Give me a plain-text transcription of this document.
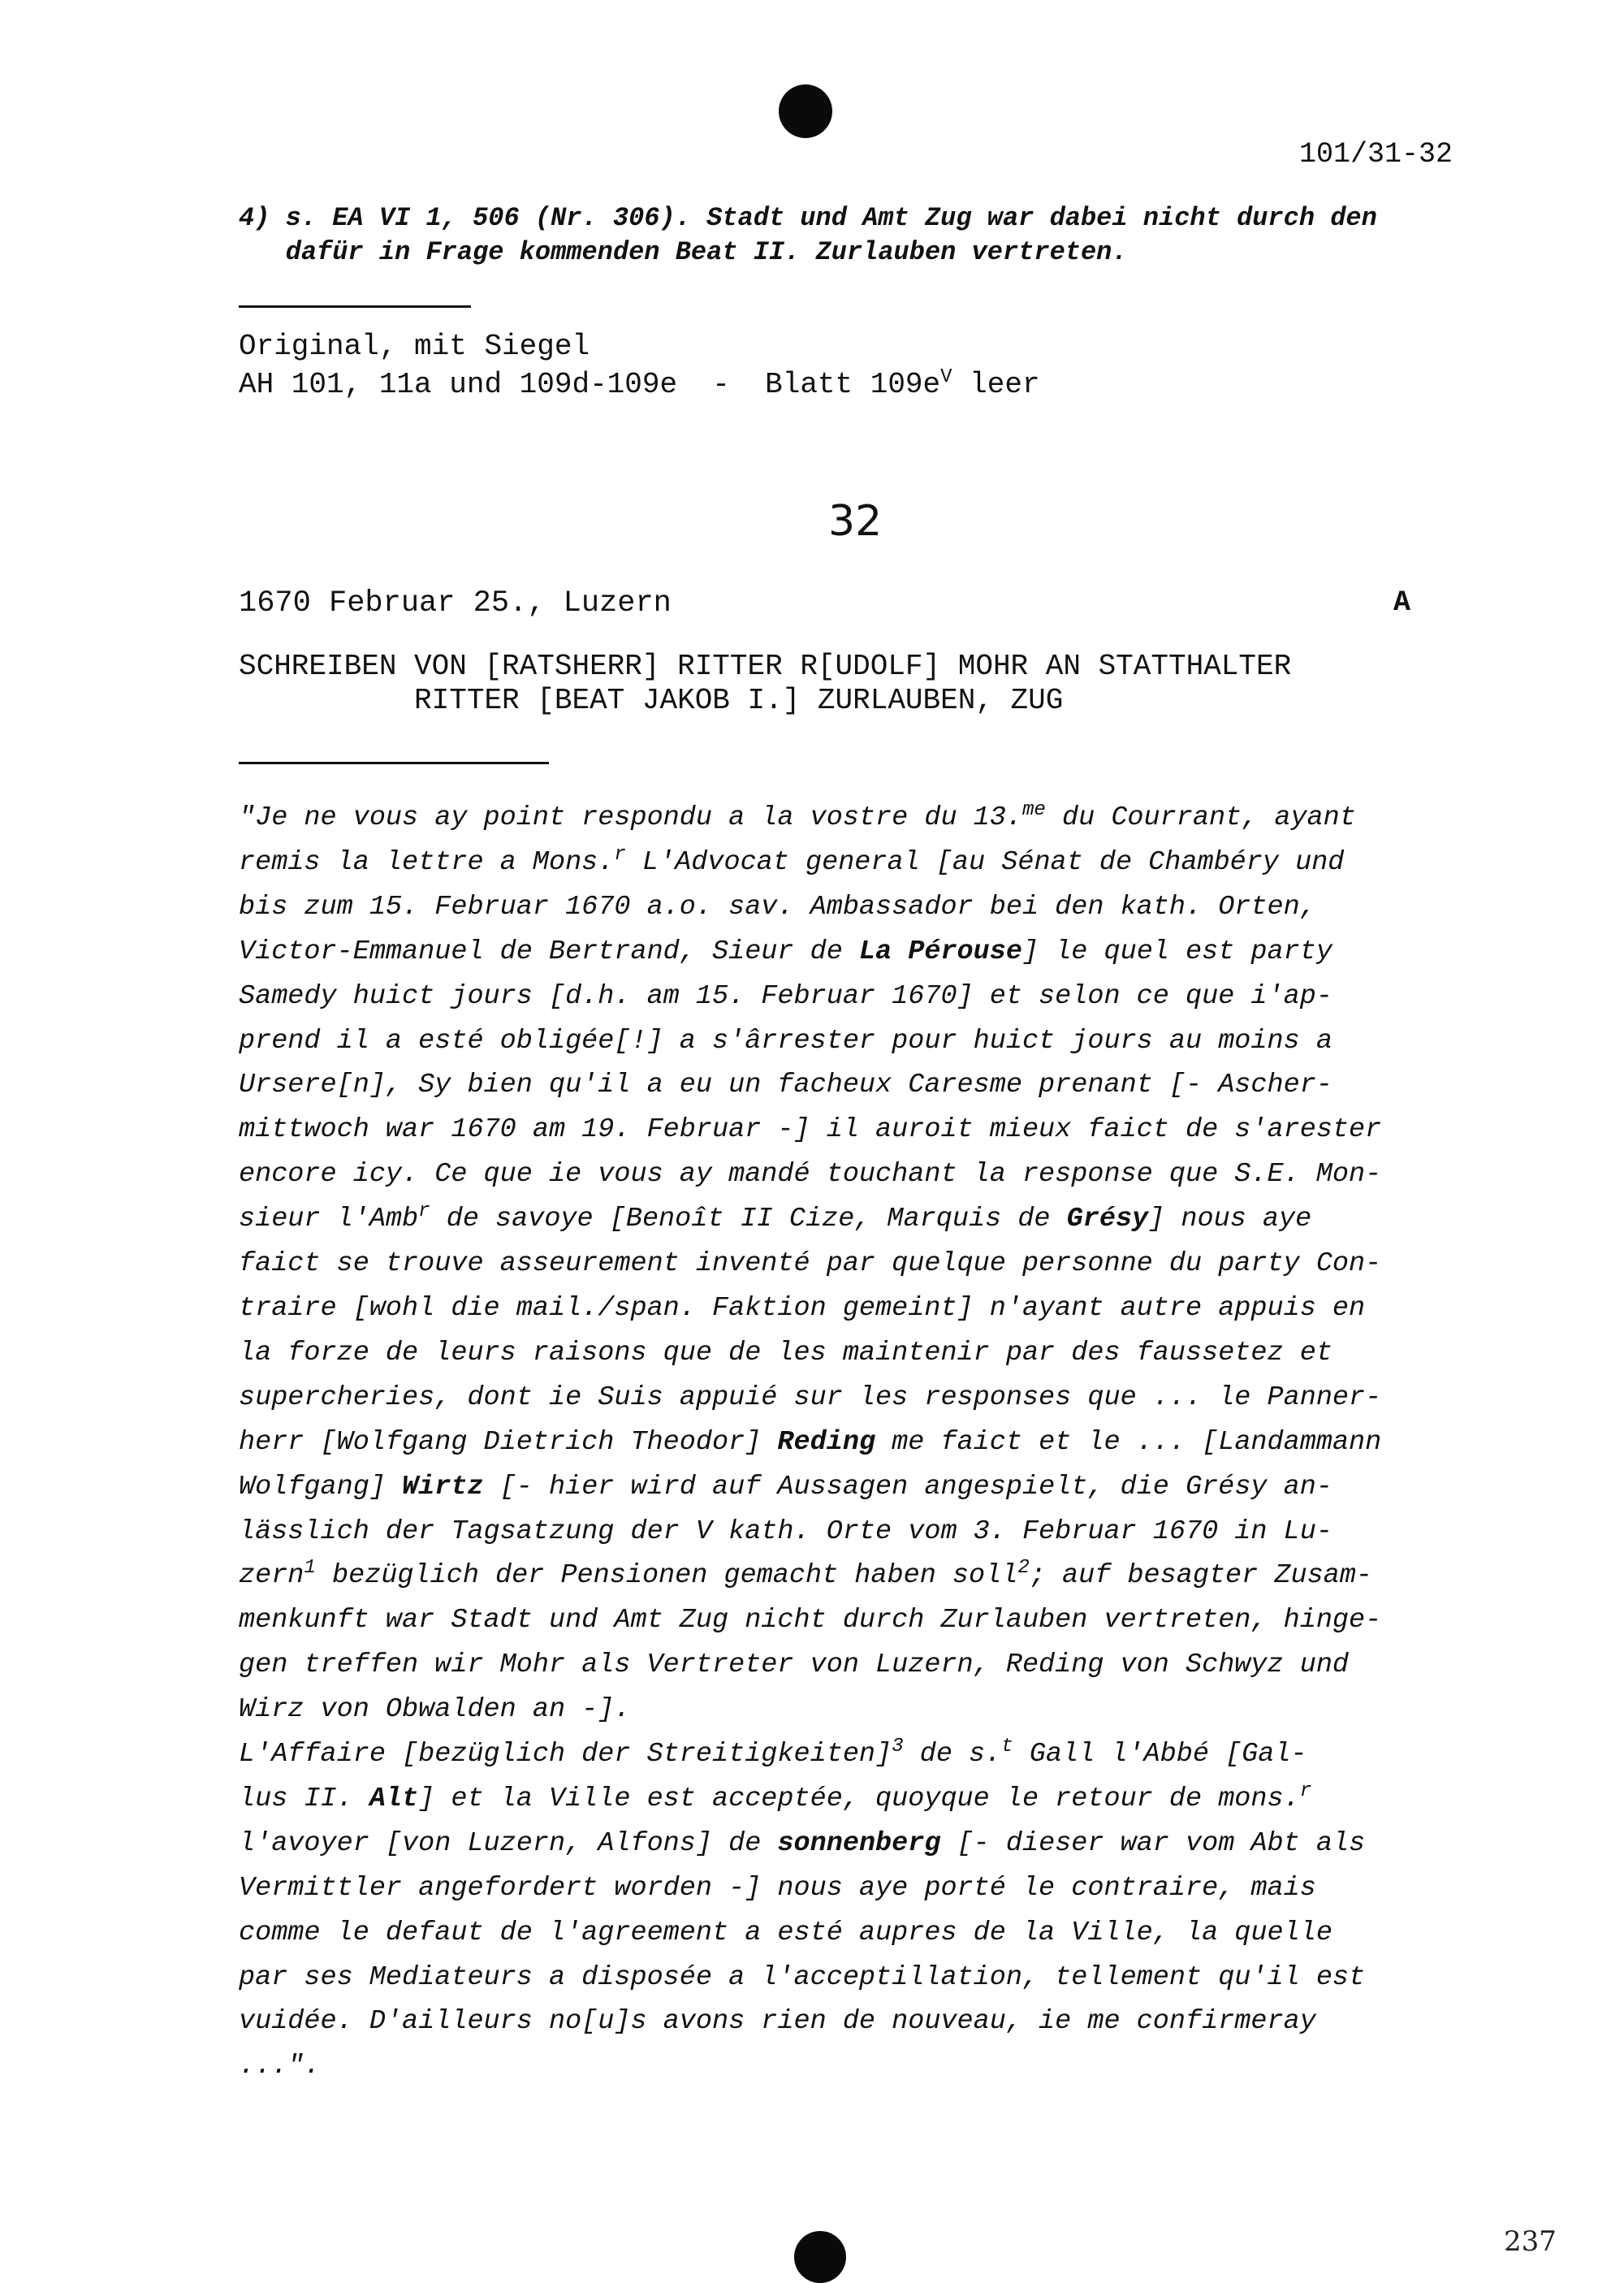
101/31-32
4) s. EA VI 1, 506 (Nr. 306). Stadt und Amt Zug war dabei nicht durch den
dafür in Frage kommenden Beat II. Zurlauben vertreten.
Original, mit Siegel
AH 101, 11a und 109d-109e  -  Blatt $109e^V$ leer
32
1670 Februar 25., Luzern	A
SCHREIBEN VON [RATSHERR] RITTER R[UDOLF] MOHR AN STATTHALTER
RITTER [BEAT JAKOB I.] ZURLAUBEN, ZUG
"Je ne vous ay point respondu a la vostre du 13.$^{me}$ du Courrant, ayant
remis la lettre a Mons.$^r$ L'Advocat general [au Sénat de Chambéry und
bis zum 15. Februar 1670 a.o. sav. Ambassador bei den kath. Orten,
Victor-Emmanuel de Bertrand, Sieur de La Pérouse] le quel est party
Samedy huict jours [d.h. am 15. Februar 1670] et selon ce que i'ap-
prend il a esté obligée[!] a s'ârrester pour huict jours au moins a
Ursere[n], Sy bien qu'il a eu un facheux Caresme prenant [- Ascher-
mittwoch war 1670 am 19. Februar -] il auroit mieux faict de s'arester
encore icy. Ce que ie vous ay mandé touchant la response que S.E. Mon-
sieur l'Amb$^r$ de savoye [Benoît II Cize, Marquis de Grésy] nous aye
faict se trouve asseurement inventé par quelque personne du party Con-
traire [wohl die mail./span. Faktion gemeint] n'ayant autre appuis en
la forze de leurs raisons que de les maintenir par des faussetez et
supercheries, dont ie Suis appuié sur les responses que ... le Panner-
herr [Wolfgang Dietrich Theodor] Reding me faict et le ... [Landammann
Wolfgang] Wirtz [- hier wird auf Aussagen angespielt, die Grésy an-
lässlich der Tagsatzung der V kath. Orte vom 3. Februar 1670 in Lu-
zern$^1$ bezüglich der Pensionen gemacht haben soll$^2$; auf besagter Zusam-
menkunft war Stadt und Amt Zug nicht durch Zurlauben vertreten, hinge-
gen treffen wir Mohr als Vertreter von Luzern, Reding von Schwyz und
Wirz von Obwalden an -].
L'Affaire [bezüglich der Streitigkeiten]$^3$ de s.$^t$ Gall l'Abbé [Gal-
lus II. Alt] et la Ville est acceptée, quoyque le retour de mons.$^r$
l'avoyer [von Luzern, Alfons] de sonnenberg [- dieser war vom Abt als
Vermittler angefordert worden -] nous aye porté le contraire, mais
comme le defaut de l'agreement a esté aupres de la Ville, la quelle
par ses Mediateurs a disposée a l'acceptillation, tellement qu'il est
vuidée. D'ailleurs no[u]s avons rien de nouveau, ie me confirmeray
...".
237
